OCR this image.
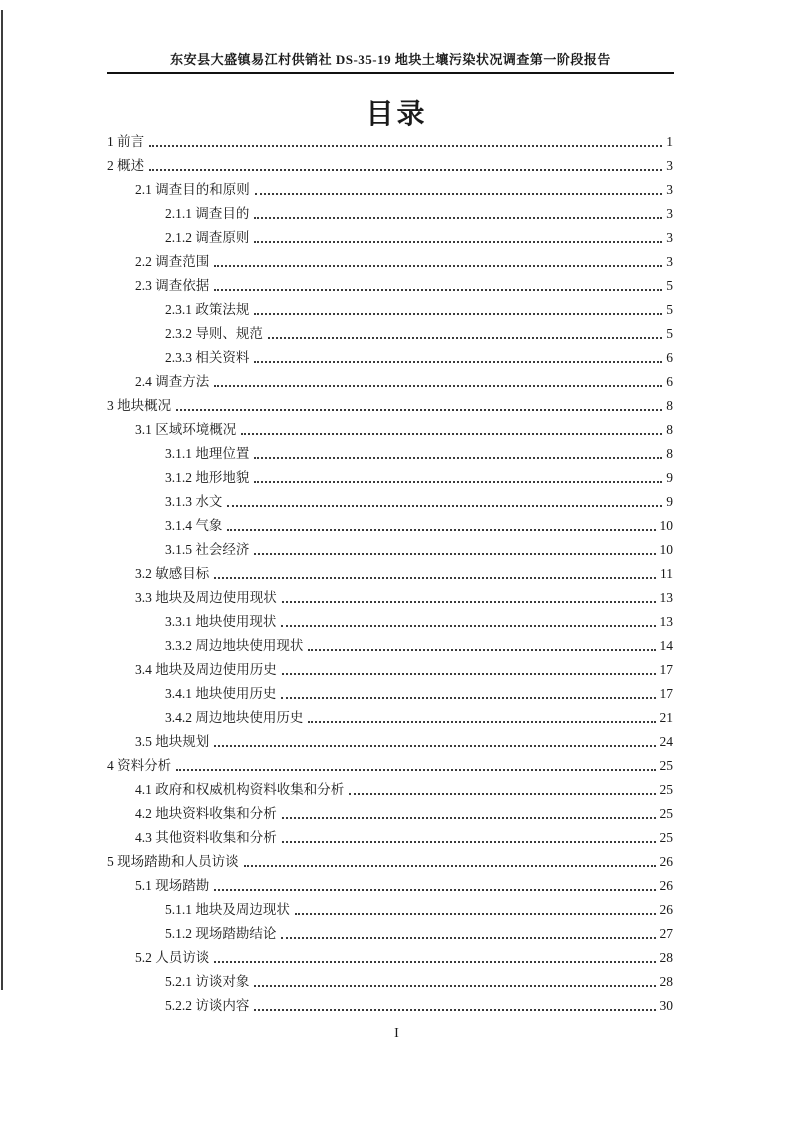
东安县大盛镇易江村供销社 DS-35-19 地块土壤污染状况调查第一阶段报告
目录
1 前言	1
2 概述	3
2.1 调查目的和原则	3
2.1.1 调查目的	3
2.1.2 调查原则	3
2.2 调查范围	3
2.3 调查依据	5
2.3.1 政策法规	5
2.3.2 导则、规范	5
2.3.3 相关资料	6
2.4 调查方法	6
3 地块概况	8
3.1 区域环境概况	8
3.1.1 地理位置	8
3.1.2 地形地貌	9
3.1.3 水文	9
3.1.4 气象	10
3.1.5 社会经济	10
3.2 敏感目标	11
3.3 地块及周边使用现状	13
3.3.1 地块使用现状	13
3.3.2 周边地块使用现状	14
3.4 地块及周边使用历史	17
3.4.1 地块使用历史	17
3.4.2 周边地块使用历史	21
3.5 地块规划	24
4 资料分析	25
4.1 政府和权威机构资料收集和分析	25
4.2 地块资料收集和分析	25
4.3 其他资料收集和分析	25
5 现场踏勘和人员访谈	26
5.1 现场踏勘	26
5.1.1 地块及周边现状	26
5.1.2 现场踏勘结论	27
5.2 人员访谈	28
5.2.1 访谈对象	28
5.2.2 访谈内容	30
I
